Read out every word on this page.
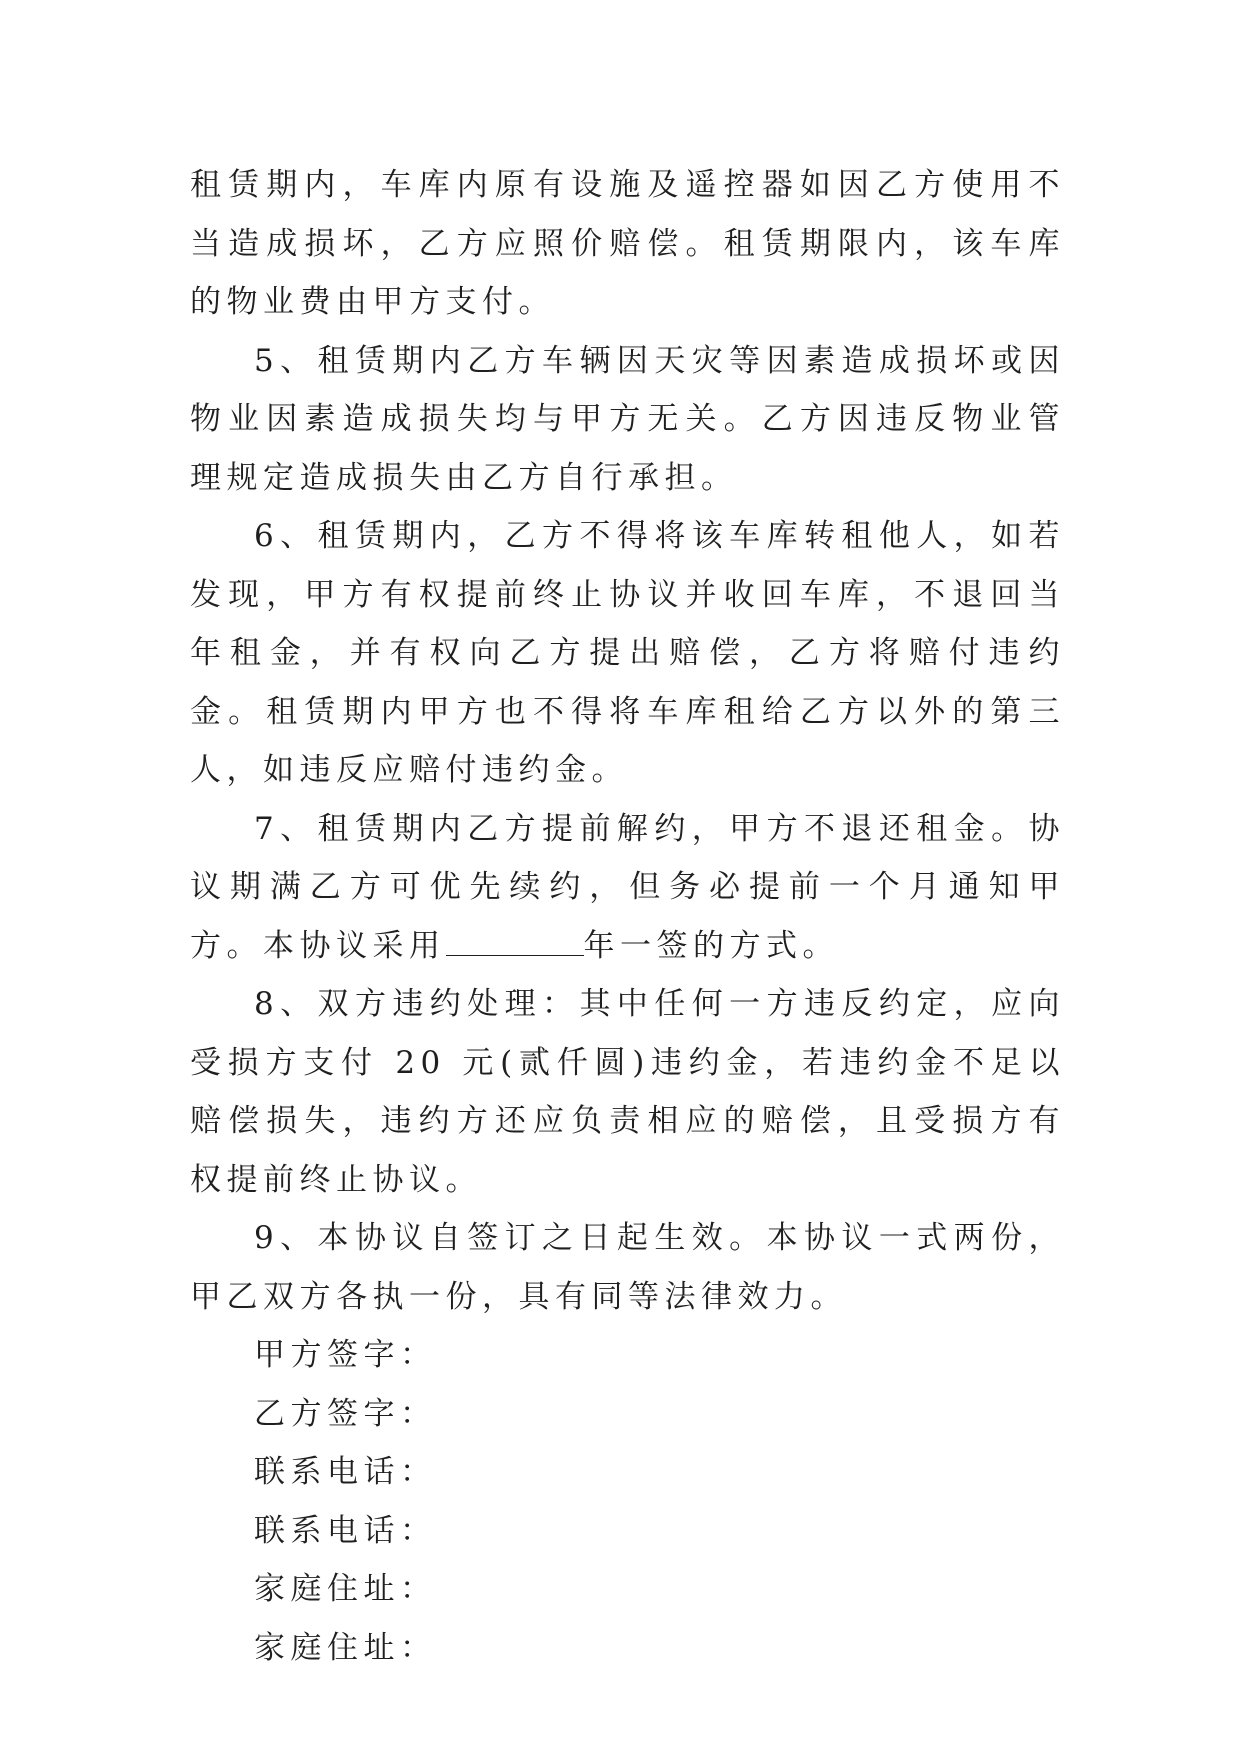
租赁期内，车库内原有设施及遥控器如因乙方使用不当造成损坏，乙方应照价赔偿。租赁期限内，该车库的物业费由甲方支付。

5、租赁期内乙方车辆因天灾等因素造成损坏或因物业因素造成损失均与甲方无关。乙方因违反物业管理规定造成损失由乙方自行承担。

6、租赁期内，乙方不得将该车库转租他人，如若发现，甲方有权提前终止协议并收回车库，不退回当年租金，并有权向乙方提出赔偿，乙方将赔付违约金。租赁期内甲方也不得将车库租给乙方以外的第三人，如违反应赔付违约金。

7、租赁期内乙方提前解约，甲方不退还租金。协议期满乙方可优先续约，但务必提前一个月通知甲方。本协议采用	年一签的方式。

8、双方违约处理：其中任何一方违反约定，应向受损方支付 20 元(贰仟圆)违约金，若违约金不足以赔偿损失，违约方还应负责相应的赔偿，且受损方有权提前终止协议。

9、本协议自签订之日起生效。本协议一式两份，甲乙双方各执一份，具有同等法律效力。

甲方签字：

乙方签字：

联系电话：

联系电话：

家庭住址：

家庭住址：
